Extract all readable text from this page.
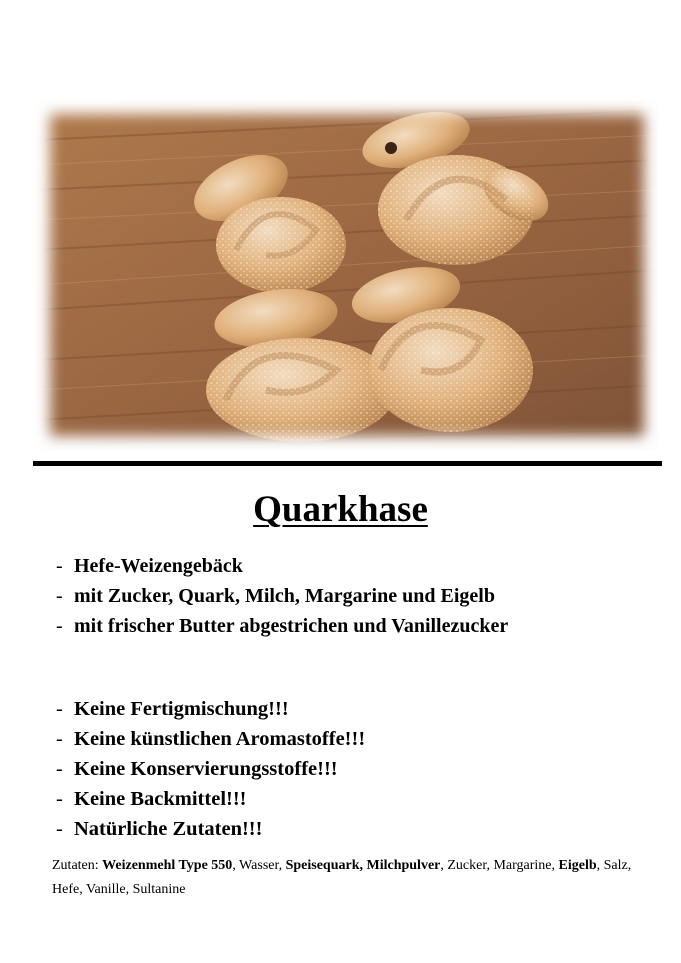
Quarkhase
- Hefe-Weizengebäck
- mit Zucker, Quark, Milch, Margarine und Eigelb
- mit frischer Butter abgestrichen und Vanillezucker
- Keine Fertigmischung!!!
- Keine künstlichen Aromastoffe!!!
- Keine Konservierungsstoffe!!!
- Keine Backmittel!!!
- Natürliche Zutaten!!!
Zutaten: Weizenmehl Type 550, Wasser, Speisequark, Milchpulver, Zucker, Margarine, Eigelb, Salz, Hefe, Vanille, Sultanine
